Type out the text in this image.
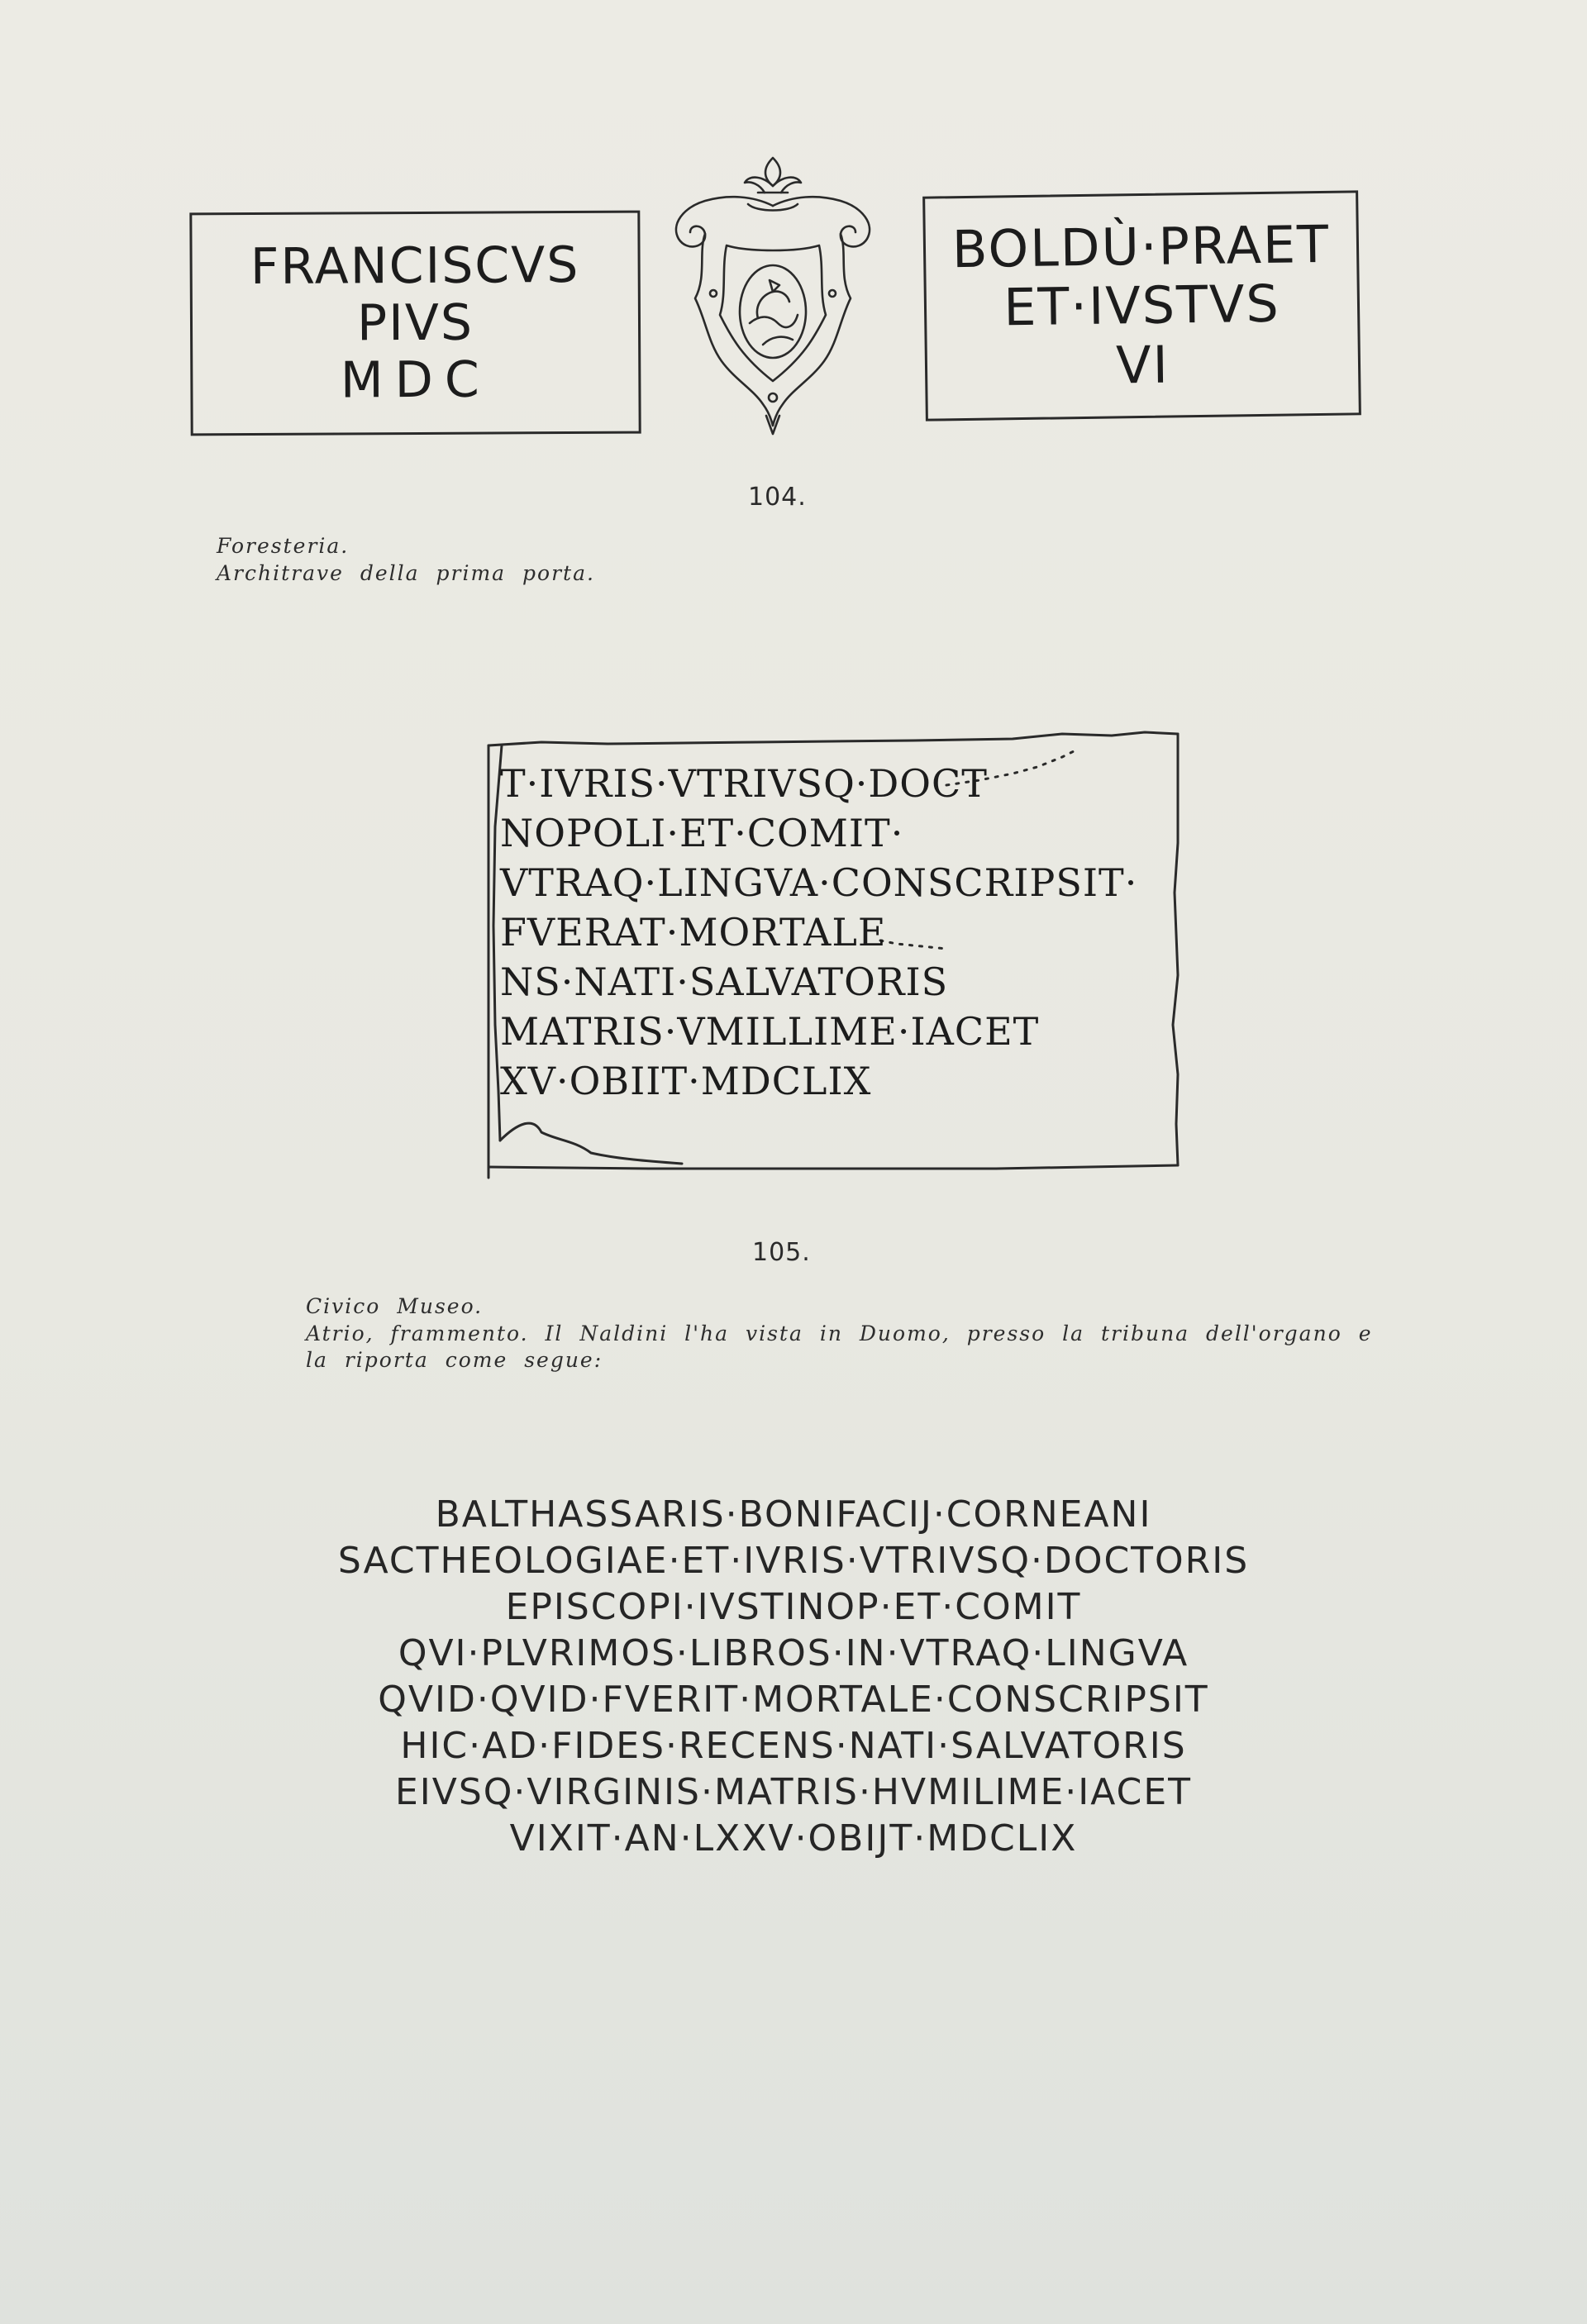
FRANCISCVS
PIVS
MDC
BOLDÙ·PRAET
ET·IVSTVS
VI
104.
Foresteria.
Architrave della prima porta.
T·IVRIS·VTRIVSQ·DOCT
NOPOLI·ET·COMIT·
VTRAQ·LINGVA·CONSCRIPSIT·
FVERAT·MORTALE
NS·NATI·SALVATORIS
MATRIS·VMILLIME·IACET
XV·OBIIT·MDCLIX
105.
Civico Museo.
Atrio, frammento. Il Naldini l'ha vista in Duomo, presso la tribuna dell'organo e
la riporta come segue:
BALTHASSARIS·BONIFACIJ·CORNEANI
SACTHEOLOGIAE·ET·IVRIS·VTRIVSQ·DOCTORIS
EPISCOPI·IVSTINOP·ET·COMIT
QVI·PLVRIMOS·LIBROS·IN·VTRAQ·LINGVA
QVID·QVID·FVERIT·MORTALE·CONSCRIPSIT
HIC·AD·FIDES·RECENS·NATI·SALVATORIS
EIVSQ·VIRGINIS·MATRIS·HVMILIME·IACET
VIXIT·AN·LXXV·OBIJT·MDCLIX
